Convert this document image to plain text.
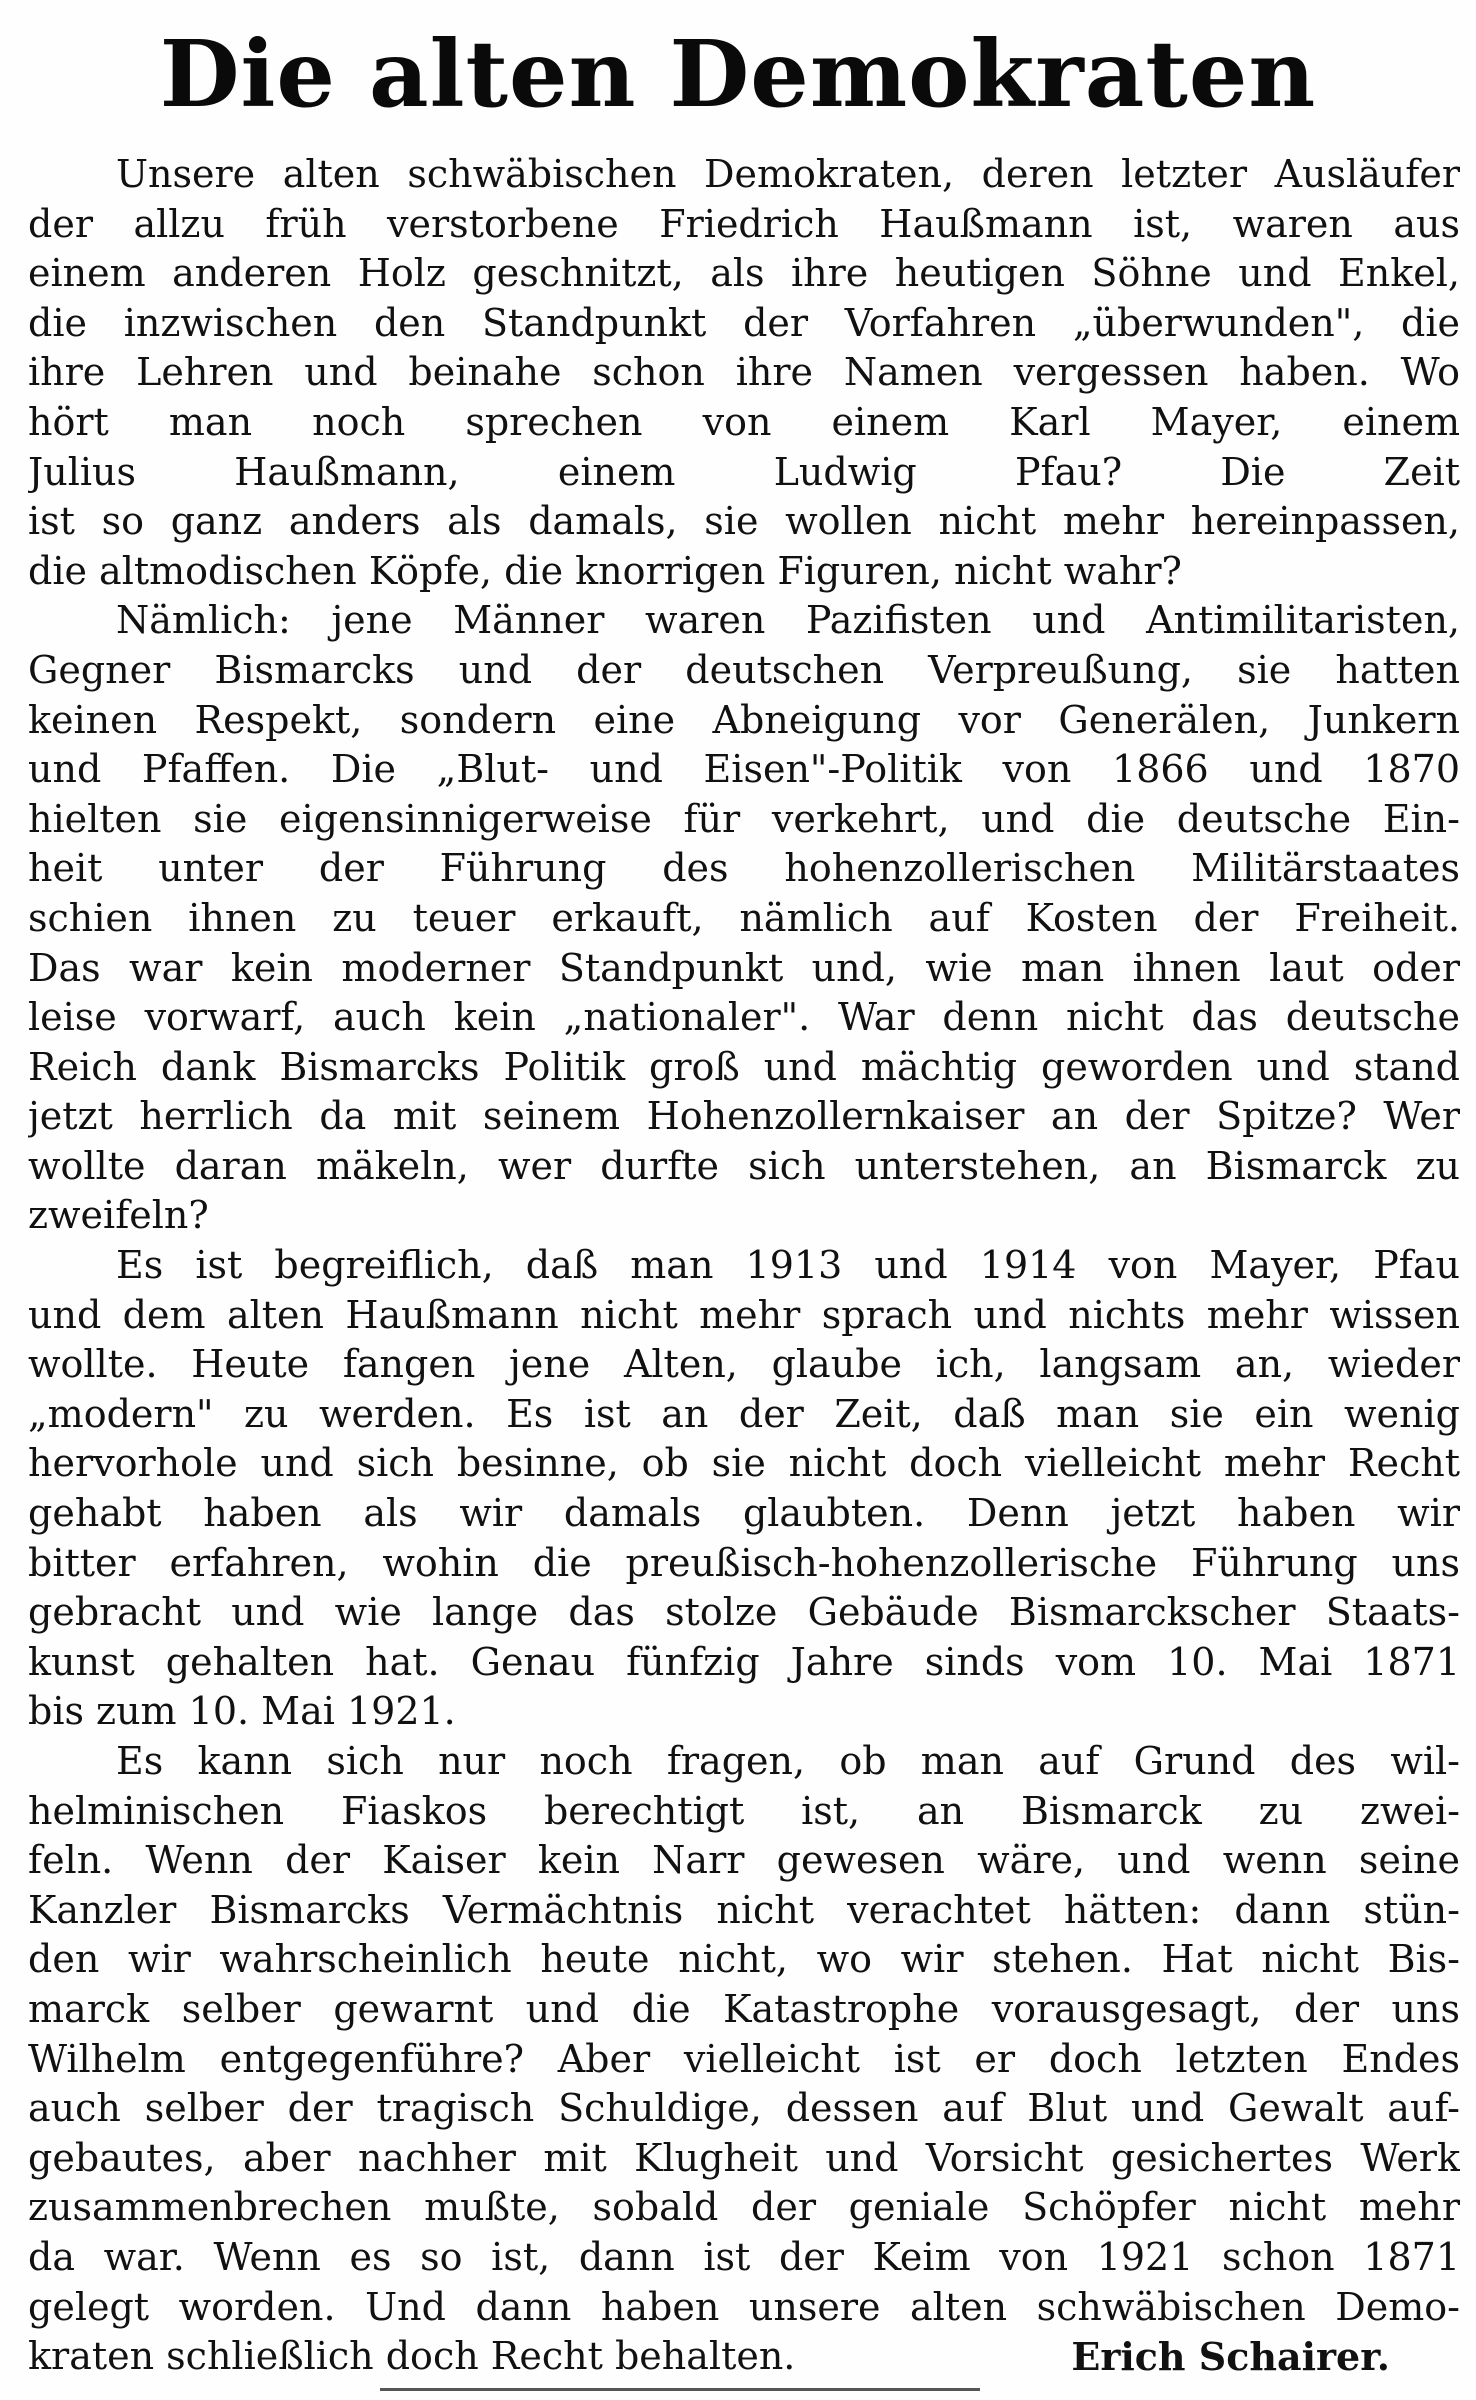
Die alten Demokraten
Unsere alten schwäbischen Demokraten, deren letzter Ausläufer
der allzu früh verstorbene Friedrich Haußmann ist, waren aus
einem anderen Holz geschnitzt, als ihre heutigen Söhne und Enkel,
die inzwischen den Standpunkt der Vorfahren „überwunden", die
ihre Lehren und beinahe schon ihre Namen vergessen haben. Wo
hört man noch sprechen von einem Karl Mayer, einem
Julius Haußmann, einem Ludwig Pfau? Die Zeit
ist so ganz anders als damals, sie wollen nicht mehr hereinpassen,
die altmodischen Köpfe, die knorrigen Figuren, nicht wahr?
Nämlich: jene Männer waren Pazifisten und Antimilitaristen,
Gegner Bismarcks und der deutschen Verpreußung, sie hatten
keinen Respekt, sondern eine Abneigung vor Generälen, Junkern
und Pfaffen. Die „Blut- und Eisen"-Politik von 1866 und 1870
hielten sie eigensinnigerweise für verkehrt, und die deutsche Ein-
heit unter der Führung des hohenzollerischen Militärstaates
schien ihnen zu teuer erkauft, nämlich auf Kosten der Freiheit.
Das war kein moderner Standpunkt und, wie man ihnen laut oder
leise vorwarf, auch kein „nationaler". War denn nicht das deutsche
Reich dank Bismarcks Politik groß und mächtig geworden und stand
jetzt herrlich da mit seinem Hohenzollernkaiser an der Spitze? Wer
wollte daran mäkeln, wer durfte sich unterstehen, an Bismarck zu
zweifeln?
Es ist begreiflich, daß man 1913 und 1914 von Mayer, Pfau
und dem alten Haußmann nicht mehr sprach und nichts mehr wissen
wollte. Heute fangen jene Alten, glaube ich, langsam an, wieder
„modern" zu werden. Es ist an der Zeit, daß man sie ein wenig
hervorhole und sich besinne, ob sie nicht doch vielleicht mehr Recht
gehabt haben als wir damals glaubten. Denn jetzt haben wir
bitter erfahren, wohin die preußisch-hohenzollerische Führung uns
gebracht und wie lange das stolze Gebäude Bismarckscher Staats-
kunst gehalten hat. Genau fünfzig Jahre sinds vom 10. Mai 1871
bis zum 10. Mai 1921.
Es kann sich nur noch fragen, ob man auf Grund des wil-
helminischen Fiaskos berechtigt ist, an Bismarck zu zwei-
feln. Wenn der Kaiser kein Narr gewesen wäre, und wenn seine
Kanzler Bismarcks Vermächtnis nicht verachtet hätten: dann stün-
den wir wahrscheinlich heute nicht, wo wir stehen. Hat nicht Bis-
marck selber gewarnt und die Katastrophe vorausgesagt, der uns
Wilhelm entgegenführe? Aber vielleicht ist er doch letzten Endes
auch selber der tragisch Schuldige, dessen auf Blut und Gewalt auf-
gebautes, aber nachher mit Klugheit und Vorsicht gesichertes Werk
zusammenbrechen mußte, sobald der geniale Schöpfer nicht mehr
da war. Wenn es so ist, dann ist der Keim von 1921 schon 1871
gelegt worden. Und dann haben unsere alten schwäbischen Demo-
kraten schließlich doch Recht behalten.	Erich Schairer.
